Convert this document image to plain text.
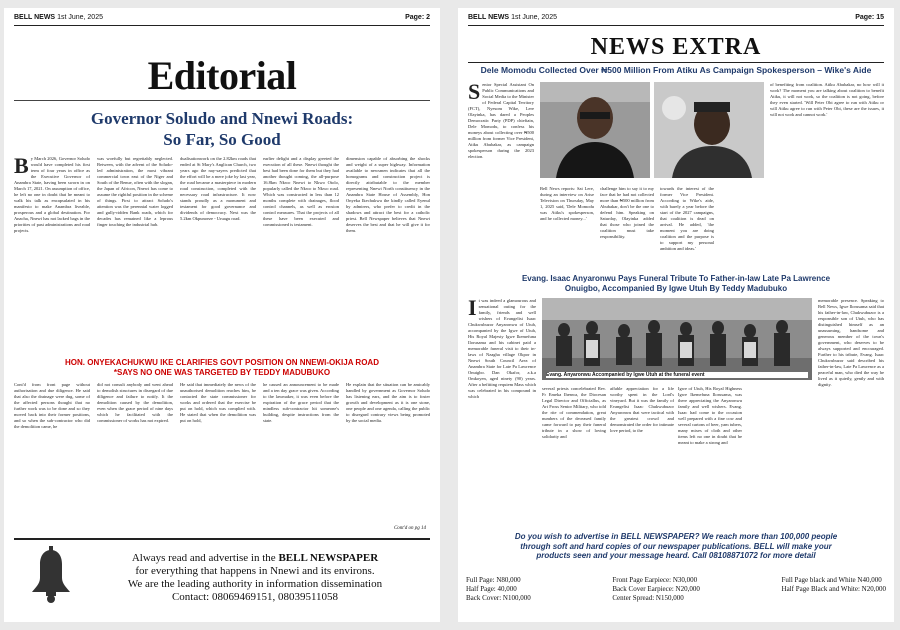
BELL NEWS 1st June, 2025	Page: 2
Editorial
Governor Soludo and Nnewi Roads:
So Far, So Good
By March 2026, Governor Soludo would have completed his first term of four years in office as the Executive Governor of Anambra State, having been sworn in on March 17, 2021. On assumption of office, he left no one in doubt that he meant to walk his talk as encapsulated in his manifesto to make Anambra liveable, prosperous and a global destination. For Anacha, Nnewi has not lacked bags in the priorities of past administrations and road projects.
was woefully but regrettably neglected. Between, with the advent of the Soludo-led administration, the most vibrant commercial town east of the Niger and South of the Benue, often with the slogan, the Japan of Africon, Nnewi has come to assume the rightful position in the scheme of things. First to attract Soludo's attention was the perennial water logged and gully-ridden Bank roads, which for decades has remained like a leprous finger touching the industrial hub.
dualisationwork on the 2.82km roads that ended at St Mary's Anglican Church, two years ago the nay-sayers predicted that the effort will be a mere joke by last year, the road became a masterpiece in modern road construction, completed with the necessary road infrastructure. It now stands proudly as a monument and testament for good governance and dividends of democracy. Next was the 5.2km Okpunoeze - Uruagu road.
earlier delight and a display greeted the execution of all these. Nnewi thought the best had been done for them but they had another thought coming, the all-purpose 16.8km Nkwo Nnewi to Nkwo Otolo, popularly called the Nkwo to Nkwo road. Which was constructed in less than 12 months complete with drainages, flood control channels, as well as erosion control measures. That the projects of all these have been executed and commissioned is testament.
dimension capable of absorbing the shocks and weight of a super highway. Information available to newsmen indicates that all the homograms and construction project is directly attributable to the member representing Nnewi North constituency in the Anambra State House of Assembly, Hon Onyeka Ikechukwu the kindly called Eyenul by admirers, who prefer to credit in the shadows and attract the best for a catholic priest. Bell Newspaper believes that Nnewi deserves the best and that he will give it for them.
HON. ONYEKACHUKWU IKE CLARIFIES GOVT POSITION ON NNEWI-OKIJA ROAD
*SAYS NO ONE WAS TARGETED BY TEDDY MADUBUKO
Cont'd from front page without authorisation and due diligence. He said that also the drainage were dug, some of the affected persons thought that no further work was to be done and so they moved back into their former positions, and so when the sub-contractor who did the demolition came, he
did not consult anybody and went ahead to demolish structures in disregard of due diligence and failure to notify. It the demolition caused by the demolition, even when the grace period of nine days which he facilitated with the commissioner of works has not expired.
He said that immediately the news of the unauthorised demolition reaches him, he contacted the state commissioner for works and ordered that the exercise be put on hold, which was complied with. He stated that when the demolition was put on hold,
he caused an announcement to be made and a ten day grace was given. According to the lawmaker, it was even before the expiration of the grace period that the mindless sub-contractor hit someone's building, despite instructions from the state.
He explain that the situation can be amicably handled by government as Governor Soludo has listening ears, and the aim is to foster growth and development as it is one stone, one people and one agenda, calling the public to disregard contrary views being promoted by the social media.
Cont'd on pg 14
Always read and advertise in the BELL NEWSPAPER
for everything that happens in Nnewi and its environs.
We are the leading authority in information dissemination
Contact: 08069469151, 08039511058
BELL NEWS 1st June, 2025	Page: 15
NEWS EXTRA
Dele Momodu Collected Over ₦500 Million From Atiku As Campaign Spokesperson – Wike's Aide
Senior Special Assistant On Public Communications and Social Media to the Minister of Federal Capital Territory (FCT), Nyesom Wike, Lere Olayinka, has dared a Peoples Democratic Party (PDP) chieftain, Dele Momodu, to confess his moneys about collecting over ₦500 million from former Vice President, Atiku Abubakar, as campaign spokesperson during the 2023 election.
Bell News reports: Sai Lere, during an interview on Arise Television on Thursday, May 1, 2025 said, 'Dele Momodu was Atiku's spokesperson, and he collected money...'
challenge him to say it to my face that he had not collected more than ₦500 million from Abubakar, don't be the one to defend him. Speaking on Saturday, Olayinka added that those who joined the coalition must take responsibility.
towards the interest of the former Vice President. According to Wike's aide, with barely a year before the start of the 2027 campaigns, that coalition is dead on arrival. He added, 'the moment you are doing coalition and the purpose is to support my personal ambition and ideas.'
of benefiting from coalition. Atiku Abubakar, no how will it work? The moment you are talking about coalition to benefit Atiku, it will not work, so the coalition is not going, before they even started. 'Will Peter Obi agree to run with Atiku or will Atiku agree to run with Peter Obi, these are the issues, it will not work and cannot work.'
Evang. Isaac Anyaronwu Pays Funeral Tribute To Father-in-law Late Pa Lawrence
Onuigbo, Accompanied By Igwe Utuh By Teddy Madubuko
It was indeed a glamourous and sensational outing for the family, friends and well wishers of Evangelist Isaac Chukwubuzor Anyaronwu of Utuh, accompanied by the Igwe of Utuh, His Royal Majesty Igwe Ikemefuna Ilorusama and his cabinet paid a memorable funeral visit to their in-laws of Nzagha village Okpor in Nnewi South Council Area of Anambra State for Late Pa Lawrence Onuigbo. Dan Okafor, a.k.a Omkoyen, aged ninety (90) years. After a befitting requiem Mass which was celebrated in his compound in which
Evang. Anyaronwu Accompanied by Igwe Utuh at the funeral event
several priests concelebrated Rev. Fr Emeka Ihenwa, the Diocesan Legal Director and Officiallus, as Art Fross Senior Military, who told the rite of commendation, great numbers of the deceased family came forward to pay their funeral tribute in a show of loving solidarity and
affable appreciation for a life worthy spent in the Lord's vineyard. But it was the family of Evangelist Isaac Chukwubuzor Anyaronwu that were tactical with the greatest crowd and demonstrated the order for intimate love period, to the
Igwe of Utuh, His Royal Highness Igwe Ikemefuna Ilorusama, was there appreciating the Anyaronwu family and well wishers. Evang. Isaac had come to the occasion well prepared with a fine cow and several cartons of beer, yam tubers, many mixes of cloth and other items left no one in doubt that he meant to make a strong and
memorable presence. Speaking to Bell News, Igwe Ilorusama said that his father-in-law, Chukwubuzor is a responsible son of Utuh, who has distinguished himself as an unassuming, handsome and generous member of the town's government, who deserves to be always supported and encouraged. Further to his tribute, Evang. Isaac Chukwubuzor said described his father-in-law, Late Pa Lawrence as a peaceful man, who died the way he lived as it quietly, gently and with dignity.
Do you wish to advertise in BELL NEWSPAPER? We reach more than 100,000 people
through soft and hard copies of our newspaper publications. BELL will make your
products seen and your message heard. Call 08108871072 for more detail
Full Page: N80,000
Half Page: 40,000
Back Cover: N100,000
Front Page Earpiece: N30,000
Back Cover Earpiece: N20,000
Center Spread: N150,000
Full Page black and White N40,000
Half Page Black and White: N20,000
